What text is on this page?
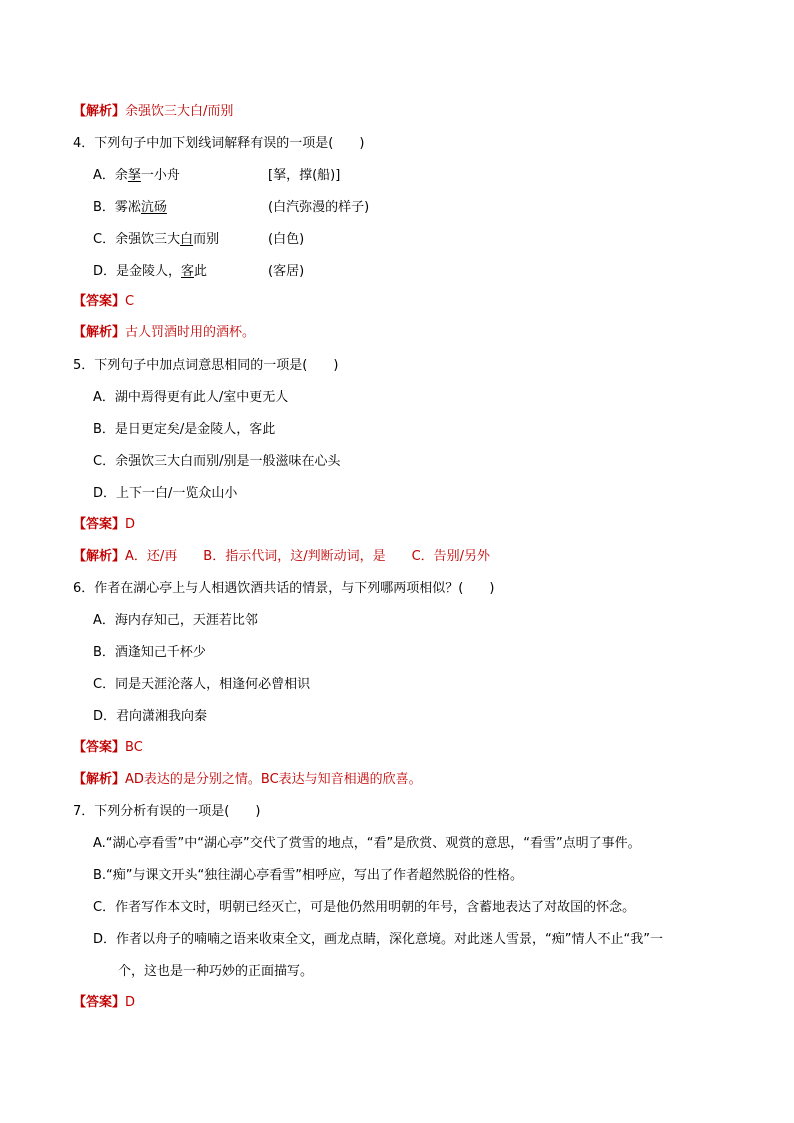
【解析】余强饮三大白/而别
4．下列句子中加下划线词解释有误的一项是(　　)
A．余拏一小舟	[拏，撑(船)]
B．雾凇沆砀	(白汽弥漫的样子)
C．余强饮三大白而别	(白色)
D．是金陵人，客此	(客居)
【答案】C
【解析】古人罚酒时用的酒杯。
5．下列句子中加点词意思相同的一项是(　　)
A．湖中焉得更有此人/室中更无人
B．是日更定矣/是金陵人，客此
C．余强饮三大白而别/别是一般滋味在心头
D．上下一白/一览众山小
【答案】D
【解析】A．还/再　　B．指示代词，这/判断动词，是　　C．告别/另外
6．作者在湖心亭上与人相遇饮酒共话的情景，与下列哪两项相似？(　　)
A．海内存知己，天涯若比邻
B．酒逢知己千杯少
C．同是天涯沦落人，相逢何必曾相识
D．君向潇湘我向秦
【答案】BC
【解析】AD表达的是分别之情。BC表达与知音相遇的欣喜。
7．下列分析有误的一项是(　　)
A.“湖心亭看雪”中“湖心亭”交代了赏雪的地点，“看”是欣赏、观赏的意思，“看雪”点明了事件。
B.“痴”与课文开头“独往湖心亭看雪”相呼应，写出了作者超然脱俗的性格。
C．作者写作本文时，明朝已经灭亡，可是他仍然用明朝的年号，含蓄地表达了对故国的怀念。
D．作者以舟子的喃喃之语来收束全文，画龙点睛，深化意境。对此迷人雪景，“痴”情人不止“我”一
个，这也是一种巧妙的正面描写。
【答案】D
